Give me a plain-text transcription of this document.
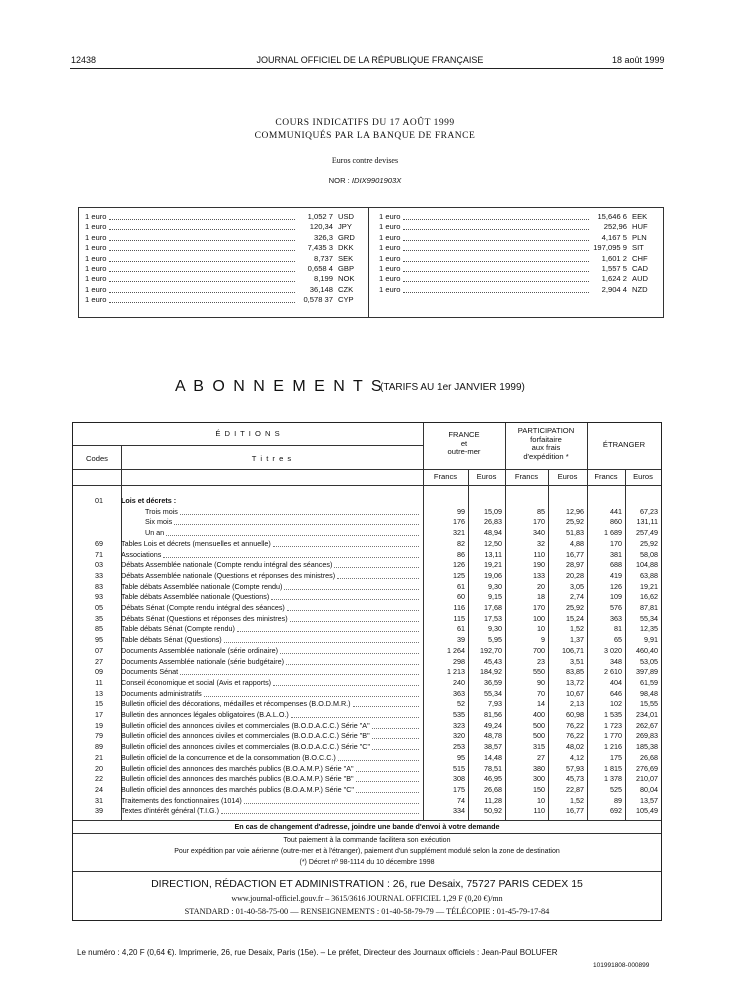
12438	JOURNAL OFFICIEL DE LA RÉPUBLIQUE FRANÇAISE	18 août 1999
COURS INDICATIFS DU 17 AOÛT 1999
COMMUNIQUÉS PAR LA BANQUE DE FRANCE
Euros contre devises
NOR : IDIX9901903X
1 euro	1,052 7 USD
1 euro	120,34 JPY
1 euro	326,3 GRD
1 euro	7,435 3 DKK
1 euro	8,737 SEK
1 euro	0,658 4 GBP
1 euro	8,199 NOK
1 euro	36,148 CZK
1 euro	0,578 37 CYP
1 euro	15,646 6 EEK
1 euro	252,96 HUF
1 euro	4,167 5 PLN
1 euro	197,095 9 SIT
1 euro	1,601 2 CHF
1 euro	1,557 5 CAD
1 euro	1,624 2 AUD
1 euro	2,904 4 NZD
A B O N N E M E N T S
(TARIFS AU 1er JANVIER 1999)
É D I T I O N S
Codes	T i t r e s
FRANCE
et
outre-mer
PARTICIPATION
forfaitaire
aux frais
d'expédition *
ÉTRANGER
Francs	Euros	Francs	Euros	Francs	Euros
01	Lois et décrets :
Trois mois	99	15,09	85	12,96	441	67,23
Six mois	176	26,83	170	25,92	860	131,11
Un an	321	48,94	340	51,83	1 689	257,49
69	Tables Lois et décrets (mensuelles et annuelle)	82	12,50	32	4,88	170	25,92
71	Associations	86	13,11	110	16,77	381	58,08
03	Débats Assemblée nationale (Compte rendu intégral des séances)	126	19,21	190	28,97	688	104,88
33	Débats Assemblée nationale (Questions et réponses des ministres)	125	19,06	133	20,28	419	63,88
83	Table débats Assemblée nationale (Compte rendu)	61	9,30	20	3,05	126	19,21
93	Table débats Assemblée nationale (Questions)	60	9,15	18	2,74	109	16,62
05	Débats Sénat (Compte rendu intégral des séances)	116	17,68	170	25,92	576	87,81
35	Débats Sénat (Questions et réponses des ministres)	115	17,53	100	15,24	363	55,34
85	Table débats Sénat (Compte rendu)	61	9,30	10	1,52	81	12,35
95	Table débats Sénat (Questions)	39	5,95	9	1,37	65	9,91
07	Documents Assemblée nationale (série ordinaire)	1 264	192,70	700	106,71	3 020	460,40
27	Documents Assemblée nationale (série budgétaire)	298	45,43	23	3,51	348	53,05
09	Documents Sénat	1 213	184,92	550	83,85	2 610	397,89
11	Conseil économique et social (Avis et rapports)	240	36,59	90	13,72	404	61,59
13	Documents administratifs	363	55,34	70	10,67	646	98,48
15	Bulletin officiel des décorations, médailles et récompenses (B.O.D.M.R.)	52	7,93	14	2,13	102	15,55
17	Bulletin des annonces légales obligatoires (B.A.L.O.)	535	81,56	400	60,98	1 535	234,01
19	Bulletin officiel des annonces civiles et commerciales (B.O.D.A.C.C.) Série "A"	323	49,24	500	76,22	1 723	262,67
79	Bulletin officiel des annonces civiles et commerciales (B.O.D.A.C.C.) Série "B"	320	48,78	500	76,22	1 770	269,83
89	Bulletin officiel des annonces civiles et commerciales (B.O.D.A.C.C.) Série "C"	253	38,57	315	48,02	1 216	185,38
21	Bulletin officiel de la concurrence et de la consommation (B.O.C.C.)	95	14,48	27	4,12	175	26,68
20	Bulletin officiel des annonces des marchés publics (B.O.A.M.P.) Série "A"	515	78,51	380	57,93	1 815	276,69
22	Bulletin officiel des annonces des marchés publics (B.O.A.M.P.) Série "B"	308	46,95	300	45,73	1 378	210,07
24	Bulletin officiel des annonces des marchés publics (B.O.A.M.P.) Série "C"	175	26,68	150	22,87	525	80,04
31	Traitements des fonctionnaires (1014)	74	11,28	10	1,52	89	13,57
39	Textes d'intérêt général (T.I.G.)	334	50,92	110	16,77	692	105,49
En cas de changement d'adresse, joindre une bande d'envoi à votre demande
Tout paiement à la commande facilitera son exécution
Pour expédition par voie aérienne (outre-mer et à l'étranger), paiement d'un supplément modulé selon la zone de destination
(*) Décret nº 98-1114 du 10 décembre 1998
DIRECTION, RÉDACTION ET ADMINISTRATION : 26, rue Desaix, 75727 PARIS CEDEX 15
www.journal-officiel.gouv.fr – 3615/3616 JOURNAL OFFICIEL 1,29 F (0,20 €)/mn
STANDARD : 01-40-58-75-00 — RENSEIGNEMENTS : 01-40-58-79-79 — TÉLÉCOPIE : 01-45-79-17-84
Le numéro : 4,20 F (0,64 €). Imprimerie, 26, rue Desaix, Paris (15e). – Le préfet, Directeur des Journaux officiels : Jean-Paul BOLUFER
101991808-000899
